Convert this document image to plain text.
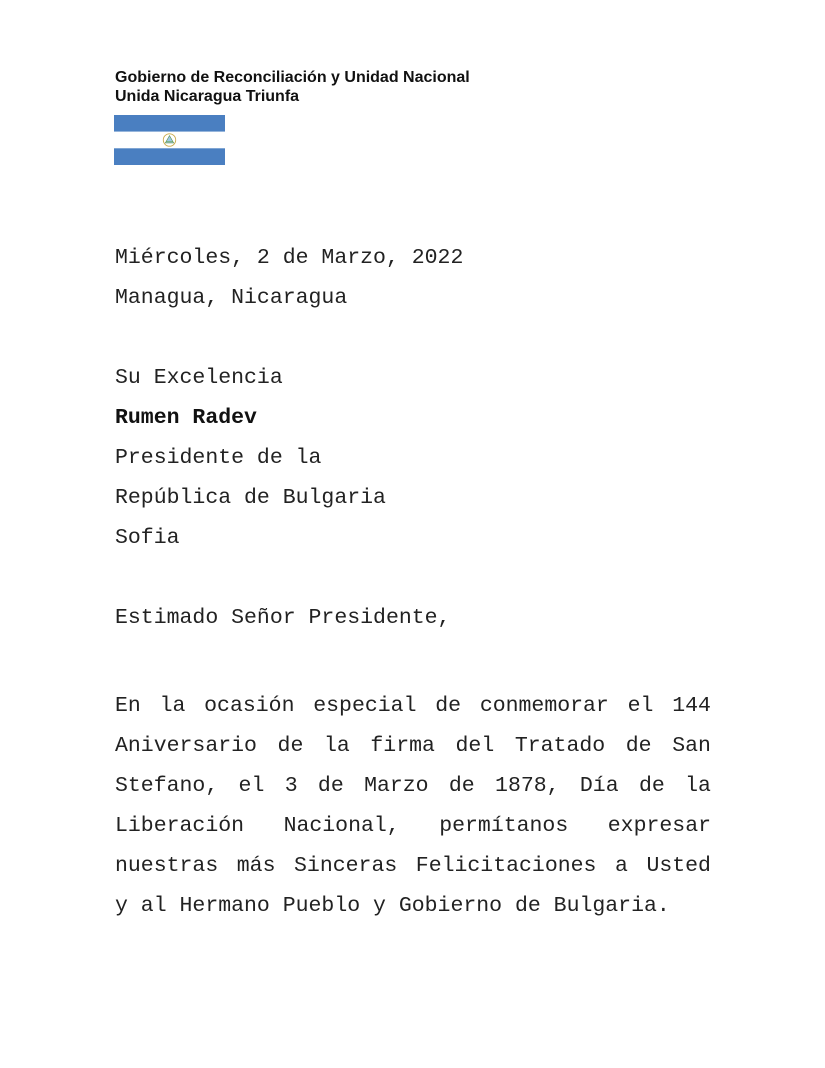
Gobierno de Reconciliación y Unidad Nacional
Unida Nicaragua Triunfa
Miércoles, 2 de Marzo, 2022
Managua, Nicaragua
Su Excelencia
Rumen Radev
Presidente de la
República de Bulgaria
Sofia
Estimado Señor Presidente,
En la ocasión especial de conmemorar el 144
Aniversario de la firma del Tratado de San
Stefano, el 3 de Marzo de 1878, Día de la
Liberación Nacional, permítanos expresar
nuestras más Sinceras Felicitaciones a Usted
y al Hermano Pueblo y Gobierno de Bulgaria.
